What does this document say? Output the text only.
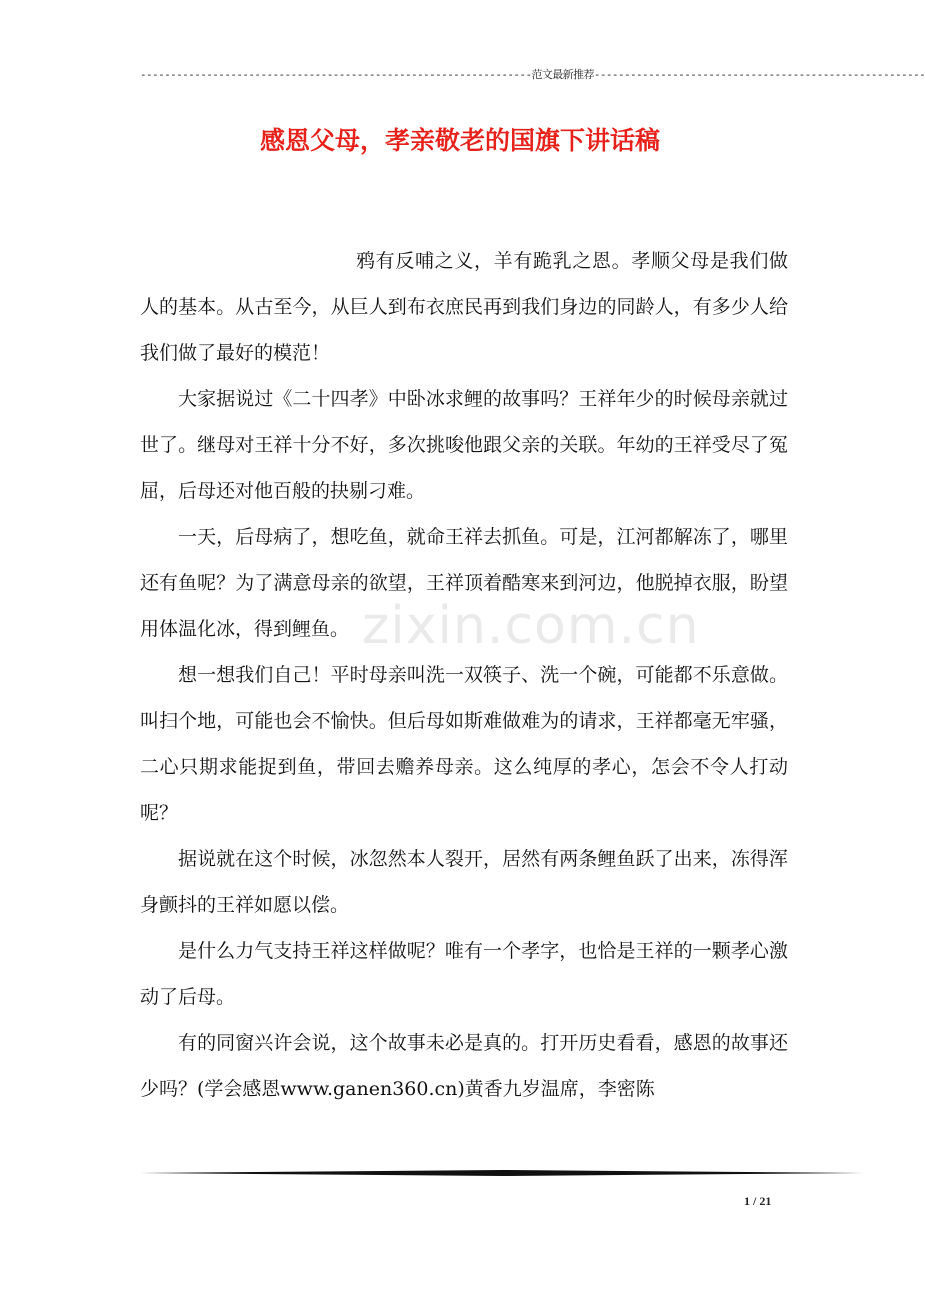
-----------------------------------------------------------------范文最新推荐-------------------------------------------------------
感恩父母，孝亲敬老的国旗下讲话稿

鸦有反哺之义，羊有跪乳之恩。孝顺父母是我们做人的基本。从古至今，从巨人到布衣庶民再到我们身边的同龄人，有多少人给我们做了最好的模范！

大家据说过《二十四孝》中卧冰求鲤的故事吗？王祥年少的时候母亲就过世了。继母对王祥十分不好，多次挑唆他跟父亲的关联。年幼的王祥受尽了冤屈，后母还对他百般的抉剔刁难。

一天，后母病了，想吃鱼，就命王祥去抓鱼。可是，江河都解冻了，哪里还有鱼呢？为了满意母亲的欲望，王祥顶着酷寒来到河边，他脱掉衣服，盼望用体温化冰，得到鲤鱼。

想一想我们自己！平时母亲叫洗一双筷子、洗一个碗，可能都不乐意做。叫扫个地，可能也会不愉快。但后母如斯难做难为的请求，王祥都毫无牢骚，二心只期求能捉到鱼，带回去赡养母亲。这么纯厚的孝心，怎会不令人打动呢？

据说就在这个时候，冰忽然本人裂开，居然有两条鲤鱼跃了出来，冻得浑身颤抖的王祥如愿以偿。

是什么力气支持王祥这样做呢？唯有一个孝字，也恰是王祥的一颗孝心激动了后母。

有的同窗兴许会说，这个故事未必是真的。打开历史看看，感恩的故事还少吗？(学会感恩www.ganen360.cn)黄香九岁温席，李密陈

zixin.com.cn
1 / 21
